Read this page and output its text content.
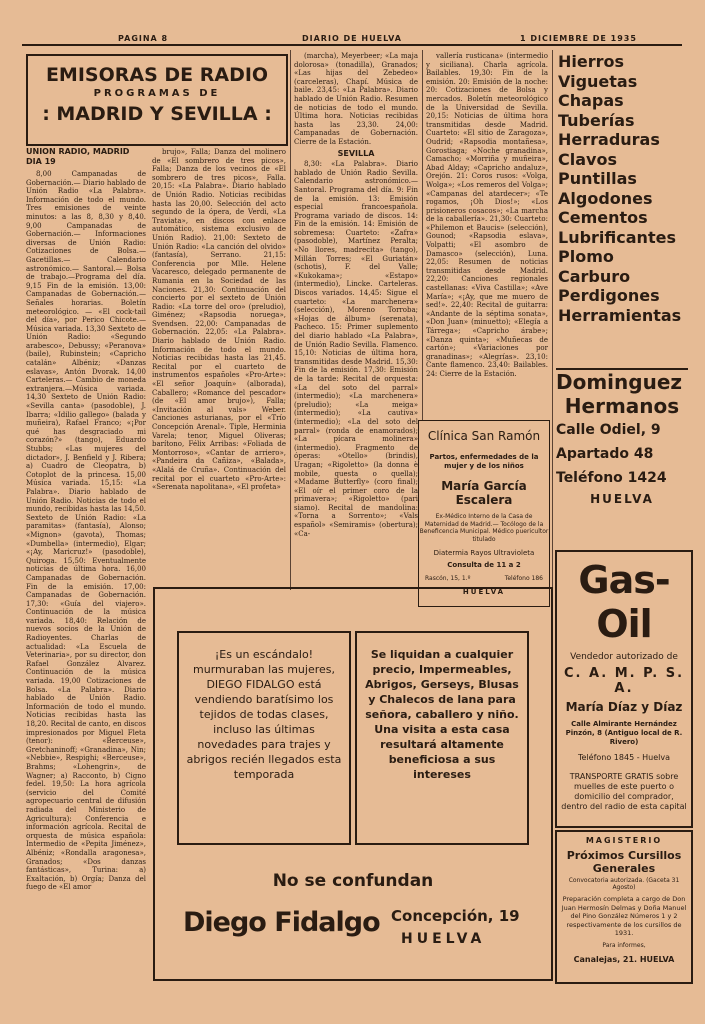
PAGINA 8	DIARIO DE HUELVA	1 DICIEMBRE DE 1935
EMISORAS DE RADIO
PROGRAMAS DE
: MADRID Y SEVILLA :
UNION RADIO, MADRID
DIA 19

8,00 Campanadas de Gobernación.— Diario hablado de Unión Radio «La Palabra». Información de todo el mundo. Tres emisiones de veinte minutos: a las 8, 8,30 y 8,40. 9,00 Campanadas de Gobernación.— Informaciones diversas de Unión Radio: Cotizaciones de Bolsa.— Gacetillas.— Calendario astronómico.— Santoral.— Bolsa de trabajo.—Programa del día. 9,15 Fin de la emisión. 13,00: Campanadas de Gobernación.— Señales horarias. Boletín meteorológico. — «El cock-tail del día», por Perico Chicote.—Música variada. 13,30 Sexteto de Unión Radio: «Segundo arabesco», Debussy; «Peranova» (baile), Rubinstein; «Capricho catalán» Albéniz; «Danzas eslavas», Antón Dvorak. 14,00 Carteleras.— Cambio de moneda extranjera.—Música variada. 14,30 Sexteto de Unión Radio: «Sevilla canta» (pasodoble), J. Ibarra; «Idilio gallego» (balada y muñeira), Rafael Franco; «¡Por qué has desgraciado mi corazón?» (tango), Eduardo Stubbs; «Las mujeres del dictador», J. Benfield y J. Ribera; a) Cuadro de Cleopatra, b) Cotoplot de la princesa. 15,00 Música variada. 15,15: «La Palabra». Diario hablado de Unión Radio. Noticias de todo el mundo, recibidas hasta las 14,50. Sexteto de Unión Radio: «La paramitas» (fantasía), Alonso; «Mignon» (gavota), Thomas; «Dumbella» (intermedio), Elgar; «¡Ay, Maricruz!» (pasodoble), Quiroga. 15,50: Eventualmente noticias de última hora. 16,00 Campanadas de Gobernación. Fin de la emisión. 17,00: Campanadas de Gobernación. 17,30: «Guía del viajero». Continuación de la música variada. 18,40: Relación de nuevos socios de la Unión de Radioyentes. Charlas de actualidad: «La Escuela de Veterinaria», por su director, don Rafael González Alvarez. Continuación de la música variada. 19,00 Cotizaciones de Bolsa. «La Palabra». Diario hablado de Unión Radio. Información de todo el mundo. Noticias recibidas hasta las 18,20. Recital de canto, en discos impresionados por Miguel Fleta (tenor): «Berceuse», Gretchaninoff; «Granadina», Nin; «Nebbie», Respighi; «Berceuse», Brahms; «Lohengrin», de Wagner; a) Racconto, b) Cigno fedel. 19,50: La hora agrícola (servicio del Comité agropecuario central de difusión radiada del Ministerio de Agricultura): Conferencia e información agrícola. Recital de orquesta de música española: Intermedio de «Pepita Jiménez», Albéniz; «Rondalla aragonesa», Granados; «Dos danzas fantásticas», Turina: a) Exaltación, b) Orgía; Danza del fuego de «El amor

brujo», Falla; Danza del molinero de «El sombrero de tres picos», Falla; Danza de los vecinos de «El sombrero de tres picos», Falla. 20,15: «La Palabra». Diario hablado de Unión Radio. Noticias recibidas hasta las 20,00. Selección del acto segundo de la ópera, de Verdi, «La Traviata», en discos con enlace automático, sistema exclusivo de Unión Radio). 21,00: Sexteto de Unión Radio: «La canción del olvido» (fantasía), Serrano. 21,15: Conferencia por Mlle. Helene Vacaresco, delegado permanente de Rumania en la Sociedad de las Naciones. 21,30: Continuación del concierto por el sexteto de Unión Radio: «La torre del oro» (preludio), Giménez; «Rapsodia noruega», Svendsen. 22,00: Campanadas de Gobernación. 22,05: «La Palabra». Diario hablado de Unión Radio. Información de todo el mundo. Noticias recibidas hasta las 21,45. Recital por el cuarteto de instrumentos españoles «Pro-Arte»: «El señor Joaquín» (alborada), Caballero; «Romance del pescador» (de «El amor brujo»), Falla; «Invitación al vals» Weber. Canciones asturianas, por el «Trío Concepción Arenal». Tiple, Herminia Varela; tenor, Miguel Oliveras; barítono, Félix Arribas: «Foliada de Montorroso», «Cantar de arriero», «Pandeira da Cañiza», «Balada», «Alalá de Cruña». Continuación del recital por el cuarteto «Pro-Arte»: «Serenata napolitana», «El profeta»

(marcha), Meyerbeer; «La maja dolorosa» (tonadilla), Granados; «Las hijas del Zebedeo» (carceleras), Chapí. Música de baile. 23,45: «La Palabra». Diario hablado de Unión Radio. Resumen de noticias de todo el mundo. Última hora. Noticias recibidas hasta las 23,30. 24,00: Campanadas de Gobernación. Cierre de la Estación.

SEVILLA

8,30: «La Palabra». Diario hablado de Unión Radio Sevilla. Calendario astronómico.— Santoral. Programa del día. 9: Fin de la emisión. 13: Emisión especial francoespañola. Programa variado de discos. 14: Fin de la emisión. 14: Emisión de sobremesa: Cuarteto: «Zafra» (pasodoble), Martínez Peralta; «No llores, madrecita» (tango), Millán Torres; «El Guriatán» (schotis), F. del Valle; «Kukokama»; «Estapo» (intermedio), Lincke. Carteleras. Discos variados. 14,45: Sigue el cuarteto: «La marchenera» (selección), Moreno Torroba; «Hojas de álbum» (serenata), Pacheco. 15: Primer suplemento del diario hablado «La Palabra», de Unión Radio Sevilla. Flamenco. 15,10: Noticias de última hora, transmitidas desde Madrid. 15,30: Fin de la emisión. 17,30: Emisión de la tarde: Recital de orquesta: «La del soto del parral» (intermedio); «La marchenera» (preludio); «La meiga» (intermedio); «La cautiva» (intermedio); «La del soto del parral» (ronda de enamorados); «La pícara molinera» (intermedio). Fragmento de óperas: «Otello» (brindis), Uragan; «Rigoletto» (la donna è mobile, questa o quella); «Madame Butterfly» (coro final); «El oír el primer coro de la primavera»; «Rigoletto» (pari siamo). Recital de mandolina: «Torna a Sorrento»; «Vals español» «Semiramis» (obertura); «Ca-

vallería rusticana» (intermedio y siciliana). Charla agrícola. Bailables. 19,30: Fin de la emisión. 20: Emisión de la noche: 20: Cotizaciones de Bolsa y mercados. Boletín meteorológico de la Universidad de Sevilla. 20,15: Noticias de última hora transmitidas desde Madrid. Cuarteto: «El sitio de Zaragoza», Oudrid; «Rapsodia montañesa», Gorostiaga; «Noche granadina», Camacho; «Morriña y muñeira», Abad Alday; «Capricho andaluz», Orejón. 21: Coros rusos: «Volga, Wolga»; «Los remeros del Volga»; «Campanas del atardecer»; «Te rogamos, ¡Oh Dios!»; «Los prisioneros cosacos»; «La marcha de la caballería». 21,30: Cuarteto: «Philemon et Baucis» (selección), Gounod; «Rapsodia eslava», Volpatti; «El asombro de Damasco» (selección), Luna. 22,05: Resumen de noticias transmitidas desde Madrid. 22,20: Canciones regionales castellanas: «Viva Castilla»; «Ave María»; «¡Ay, que me muero de sed!». 22,40: Recital de guitarra: «Andante de la séptima sonata», «Don Juan» (minuetto); «Elegía a Tárrega»; «Capricho árabe»; «Danza quinta»; «Muñecas de cartón»; «Variaciones por granadinas»; «Alegrías». 23,10: Cante flamenco. 23,40: Bailables. 24: Cierre de la Estación.

Hierros
Viguetas
Chapas
Tuberías
Herraduras
Clavos
Puntillas
Algodones
Cementos
Lubrificantes
Plomo
Carburo
Perdigones
Herramientas
Dominguez
Hermanos
Calle Odiel, 9
Apartado 48
Teléfono 1424
HUELVA
Clínica San Ramón
Partos, enfermedades de la mujer y de los niños
María García Escalera
Ex-Médico Interno de la Casa de Maternidad de Madrid.— Tocólogo de la Beneficencia Municipal. Médico puericultor titulado
Diatermia Rayos Ultravioleta
Consulta de 11 a 2
Rascón, 15, 1.º	Teléfono 186
HUELVA	Gas-Oil
Vendedor autorizado de
C. A. M. P. S. A.
María Díaz y Díaz
Calle Almirante Hernández Pinzón, 8 (Antiguo local de R. Rivero)
Teléfono 1845 - Huelva
TRANSPORTE GRATIS sobre muelles de este puerto o domicilio del comprador, dentro del radio de esta capital
MAGISTERIO
Próximos Cursillos Generales
Convocatoria autorizada. (Gaceta 31 Agosto)
Preparación completa a cargo de Don Juan Hermosín Delmas y Doña Manuel del Pino González Números 1 y 2 respectivamente de los cursillos de 1931.
Para informes,
Canalejas, 21. HUELVA
¡Es un escándalo! murmuraban las mujeres, DIEGO FIDALGO está vendiendo baratísimo los tejidos de todas clases, incluso las últimas novedades para trajes y abrigos recién llegados esta temporada
Se liquidan a cualquier precio, Impermeables, Abrigos, Gerseys, Blusas y Chalecos de lana para señora, caballero y niño. Una visita a esta casa resultará altamente beneficiosa a sus intereses
No se confundan
Diego Fidalgo Concepción, 19
HUELVA
